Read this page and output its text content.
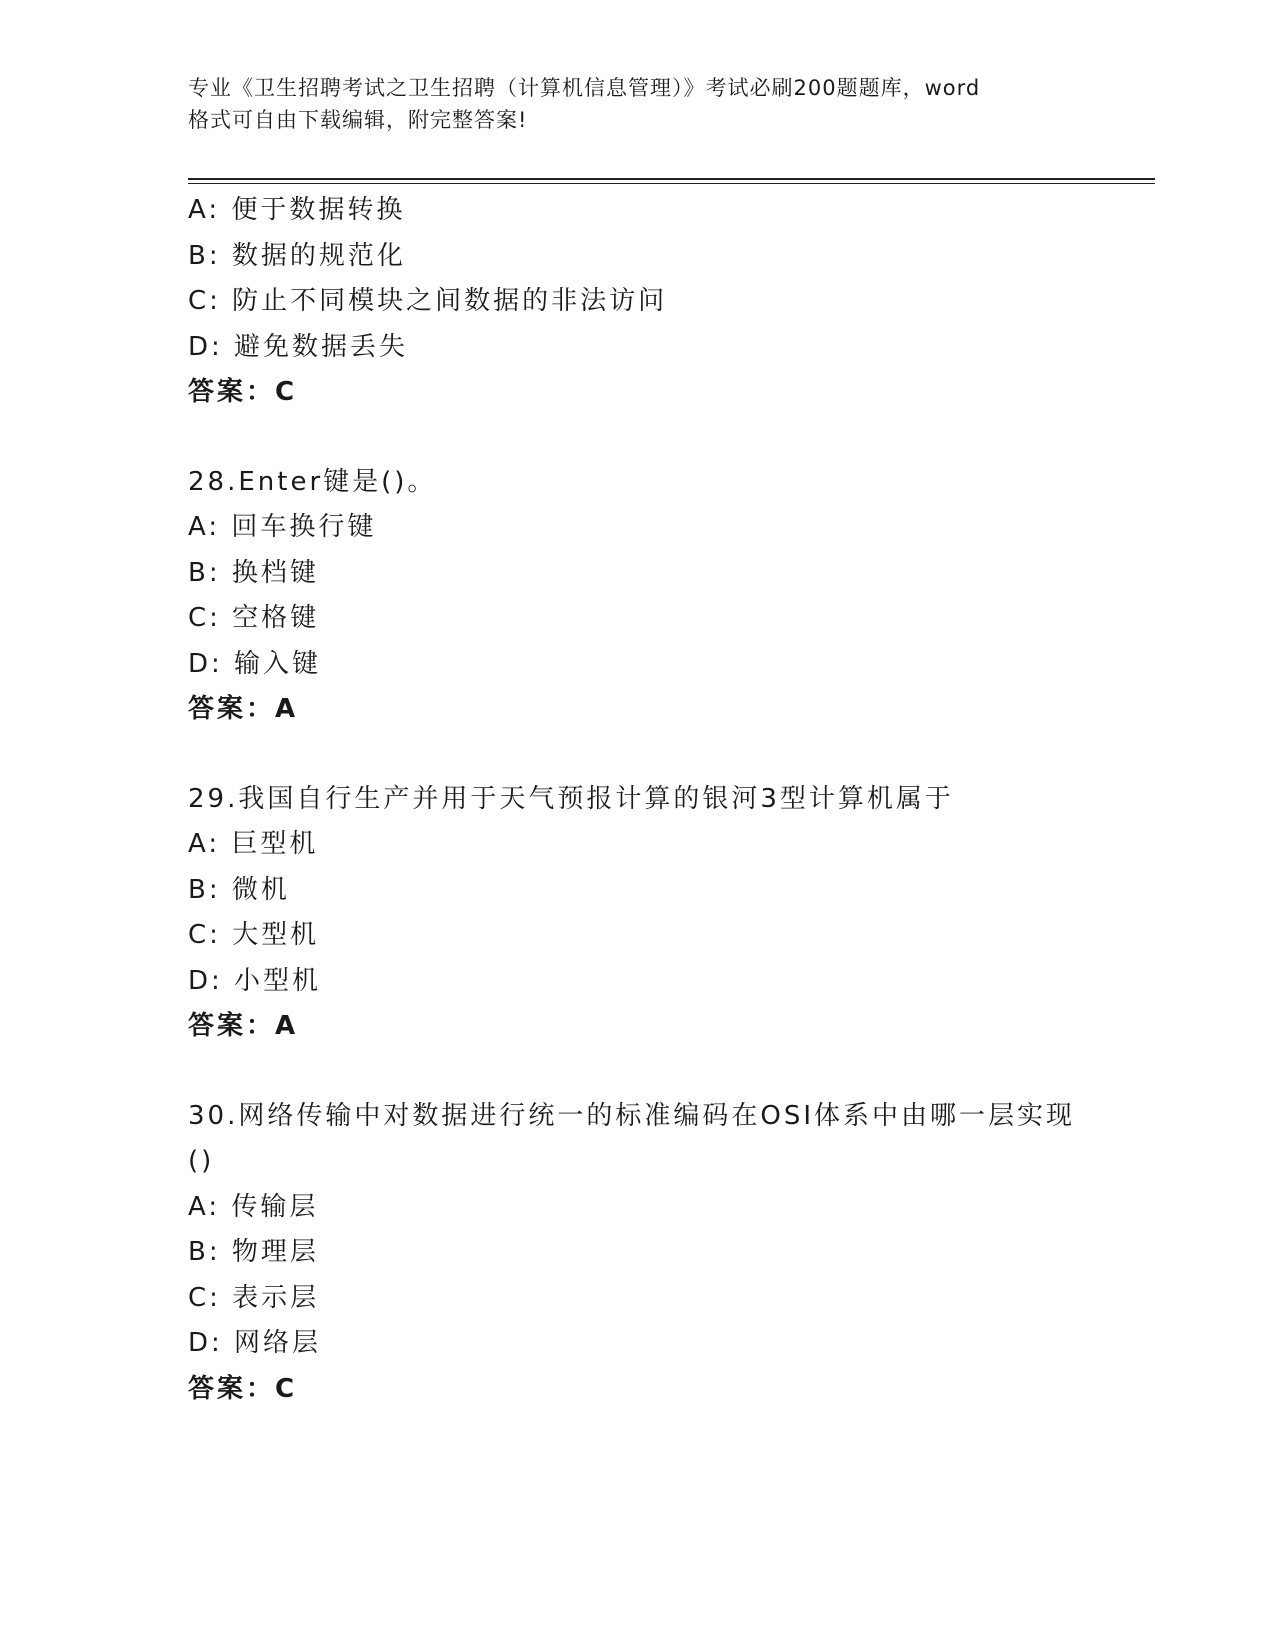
专业《卫生招聘考试之卫生招聘（计算机信息管理）》考试必刷200题题库，word
格式可自由下载编辑，附完整答案!
A: 便于数据转换
B: 数据的规范化
C: 防止不同模块之间数据的非法访问
D: 避免数据丢失
答案：C
28.Enter键是()。
A: 回车换行键
B: 换档键
C: 空格键
D: 输入键
答案：A
29.我国自行生产并用于天气预报计算的银河3型计算机属于
A: 巨型机
B: 微机
C: 大型机
D: 小型机
答案：A
30.网络传输中对数据进行统一的标准编码在OSI体系中由哪一层实现
()
A: 传输层
B: 物理层
C: 表示层
D: 网络层
答案：C
